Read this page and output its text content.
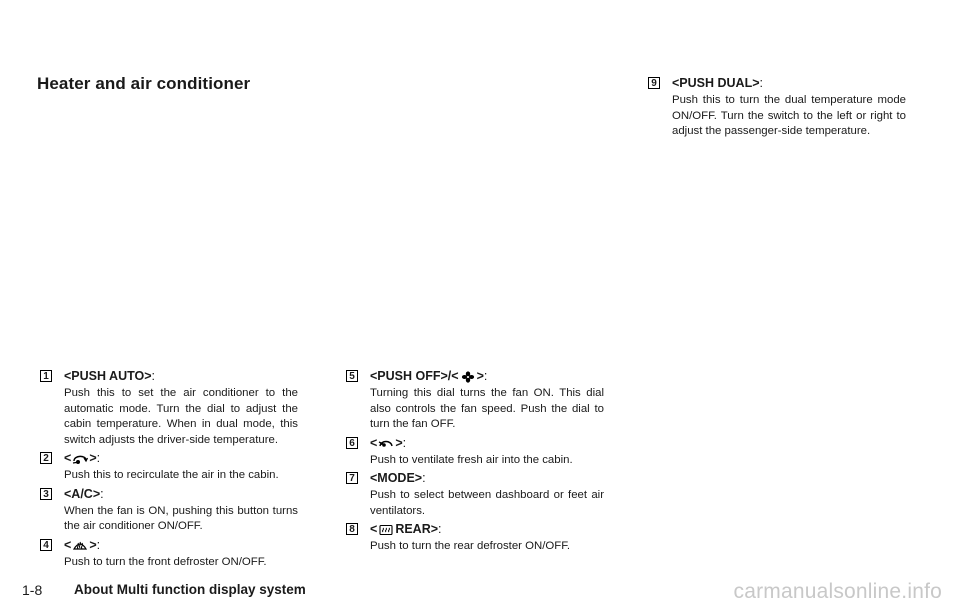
Heater and air conditioner
1 <PUSH AUTO>:

Push this to set the air conditioner to the automatic mode. Turn the dial to adjust the cabin temperature. When in dual mode, this switch adjusts the driver-side temperature.

2 < >:

Push this to recirculate the air in the cabin.

3 <A/C>:

When the fan is ON, pushing this button turns the air conditioner ON/OFF.

4 < >:

Push to turn the front defroster ON/OFF.

5 <PUSH OFF>/< >:

Turning this dial turns the fan ON. This dial also controls the fan speed. Push the dial to turn the fan OFF.

6 < >:

Push to ventilate fresh air into the cabin.

7 <MODE>:

Push to select between dashboard or feet air ventilators.

8 < REAR>:

Push to turn the rear defroster ON/OFF.

9 <PUSH DUAL>:

Push this to turn the dual temperature mode ON/OFF. Turn the switch to the left or right to adjust the passenger-side temperature.

1-8 About Multi function display system	carmanualsonline.info
